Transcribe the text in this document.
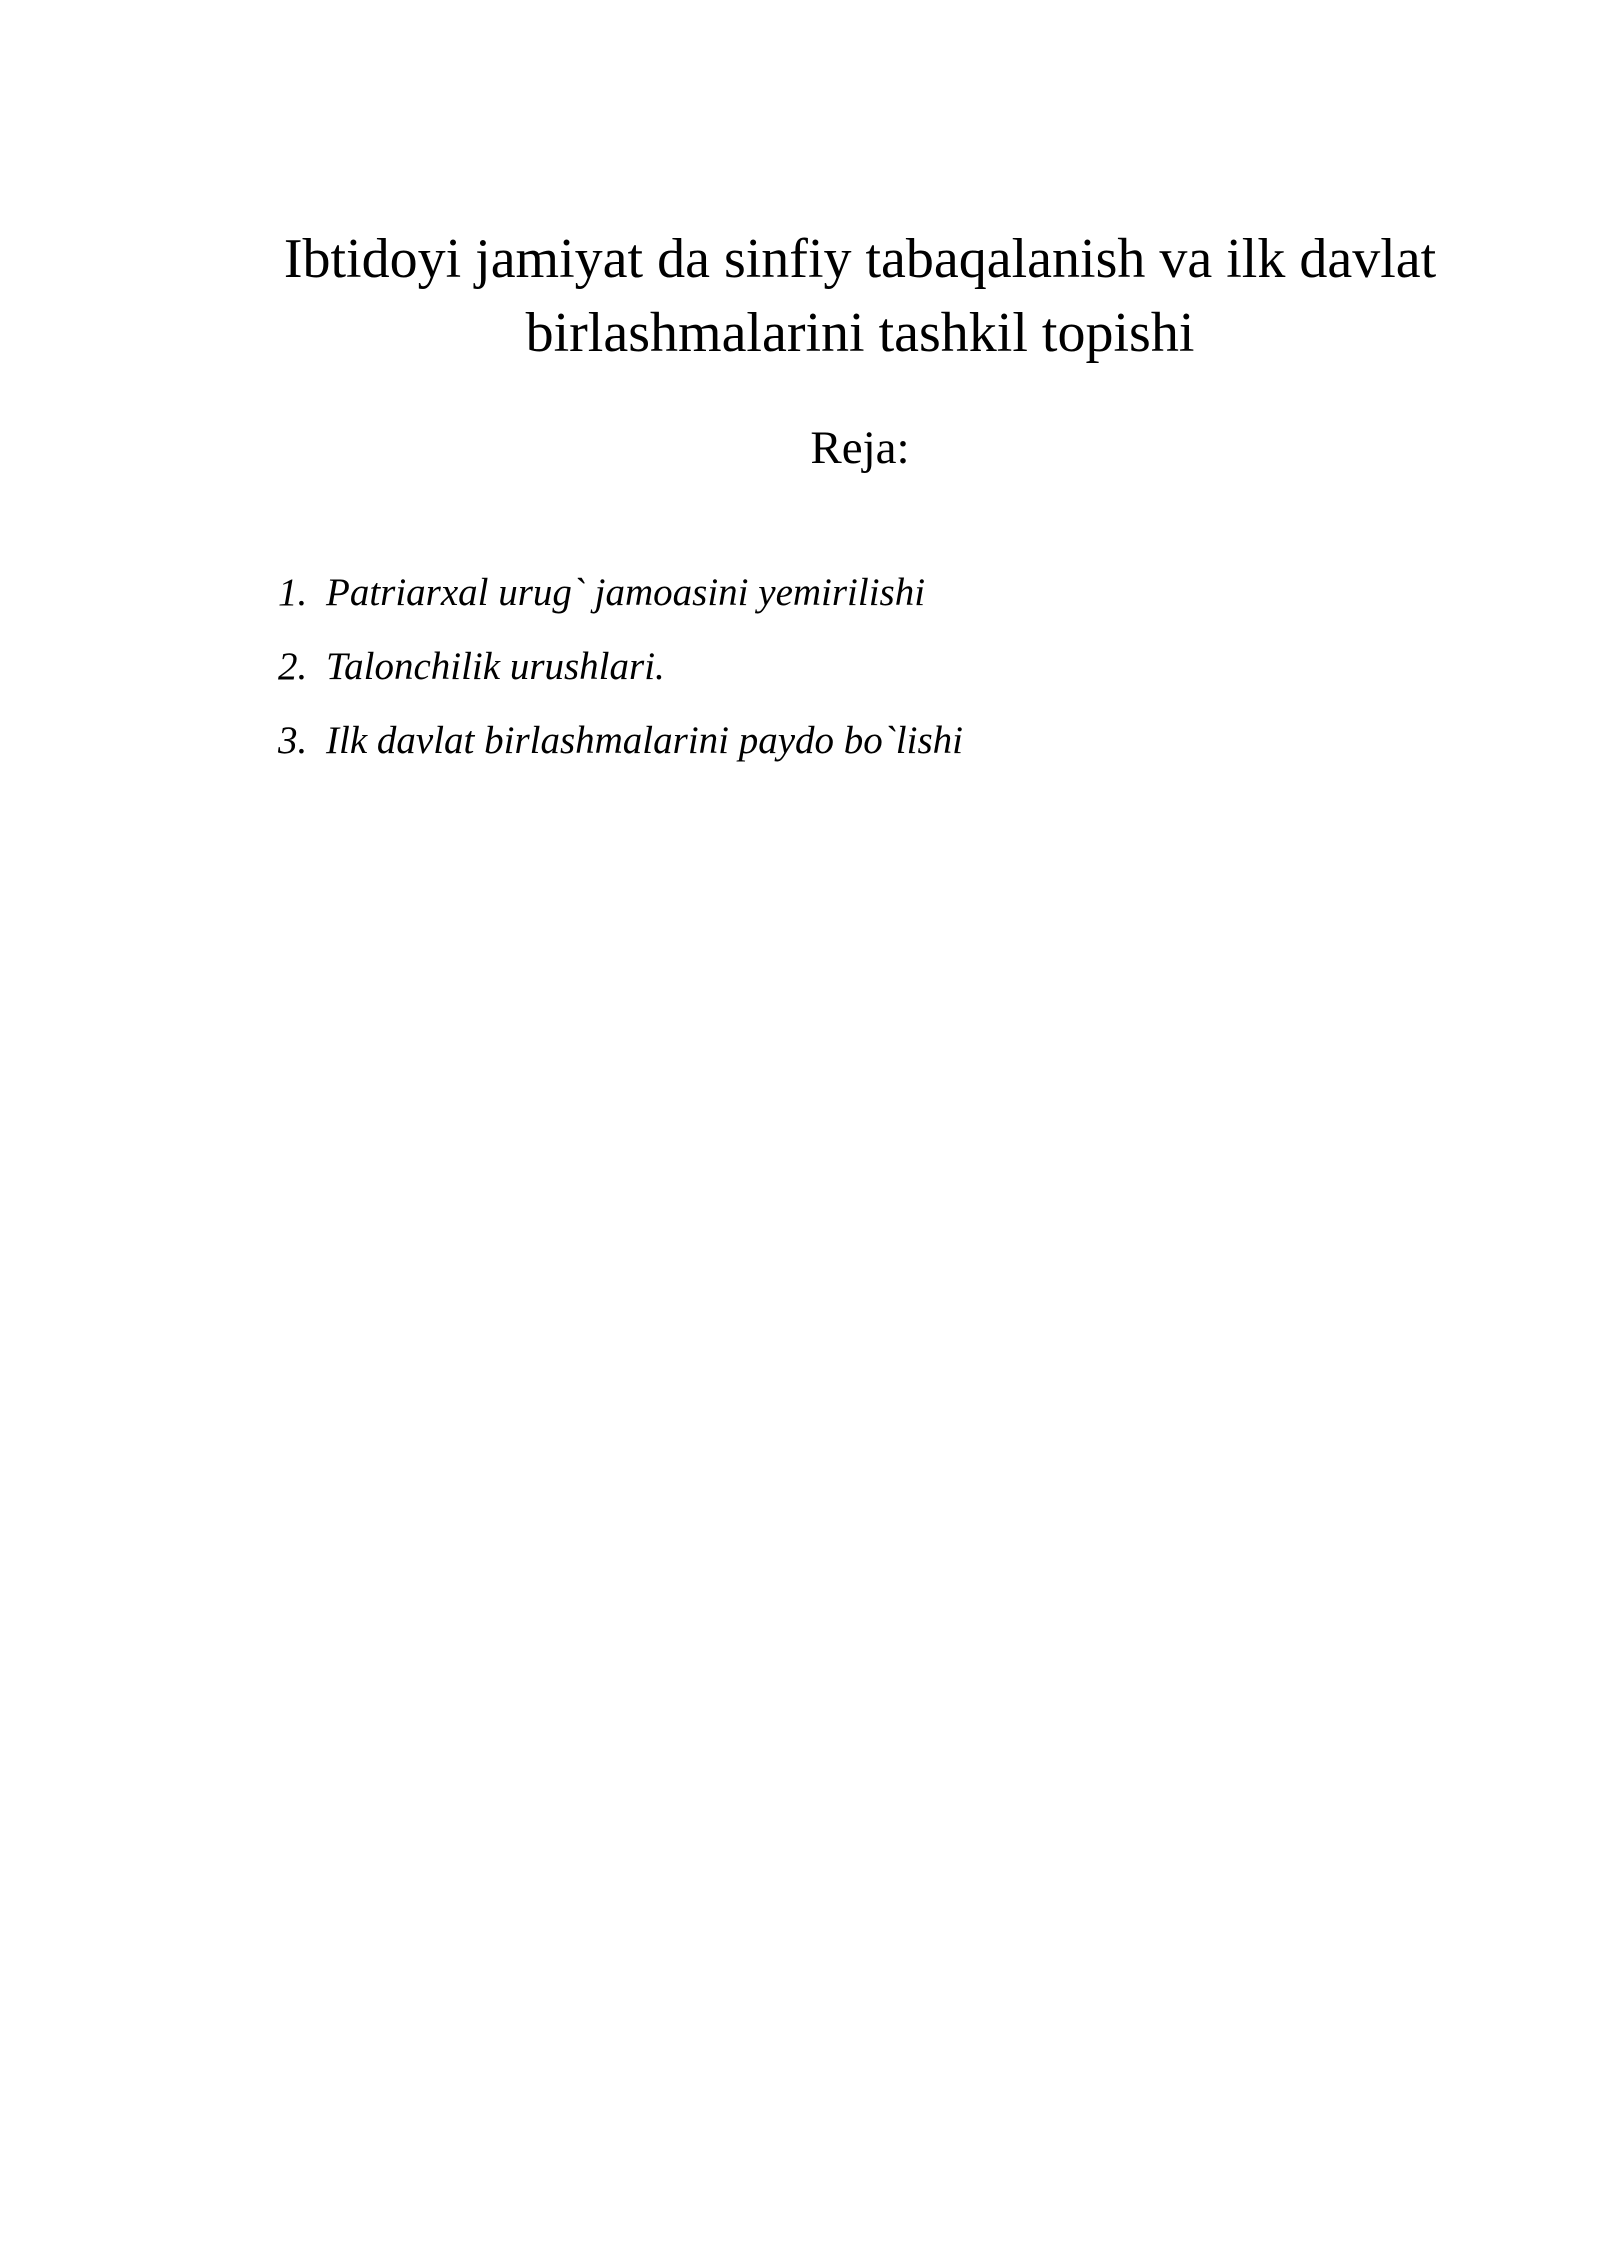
Ibtidoyi jamiyat da sinfiy tabaqalanish va ilk davlat
birlashmalarini tashkil topishi
Reja:
1. Patriarxal urug` jamoasini yemirilishi
2. Talonchilik urushlari.
3. Ilk davlat birlashmalarini paydo bo`lishi
